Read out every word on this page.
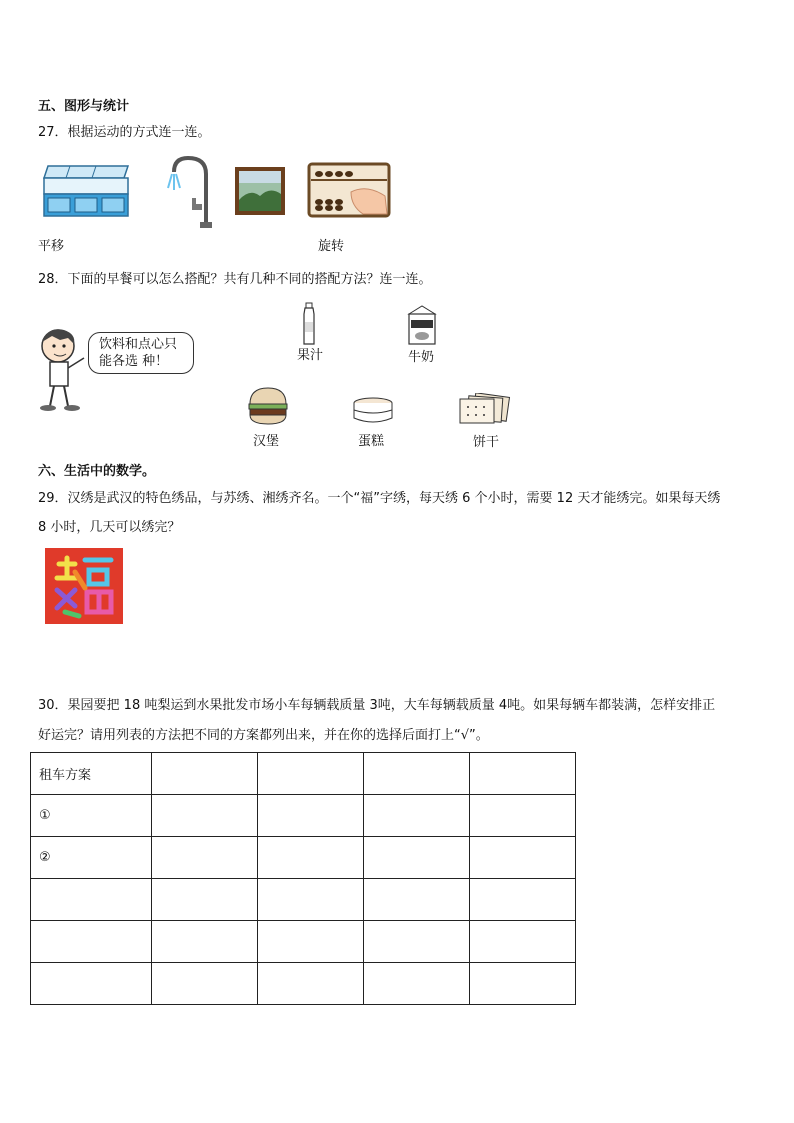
五、图形与统计
27．根据运动的方式连一连。
平移	旋转
28．下面的早餐可以怎么搭配？共有几种不同的搭配方法？连一连。
饮料和点心只
能各选 种！	果汁	牛奶
汉堡	蛋糕	饼干
六、生活中的数学。
29．汉绣是武汉的特色绣品，与苏绣、湘绣齐名。一个“福”字绣，每天绣 6 个小时，需要 12 天才能绣完。如果每天绣
8 小时，几天可以绣完？
30．果园要把 18 吨梨运到水果批发市场小车每辆载质量 3吨，大车每辆载质量 4吨。如果每辆车都装满，怎样安排正
好运完？请用列表的方法把不同的方案都列出来，并在你的选择后面打上“√”。
租车方案				
①				
②				
